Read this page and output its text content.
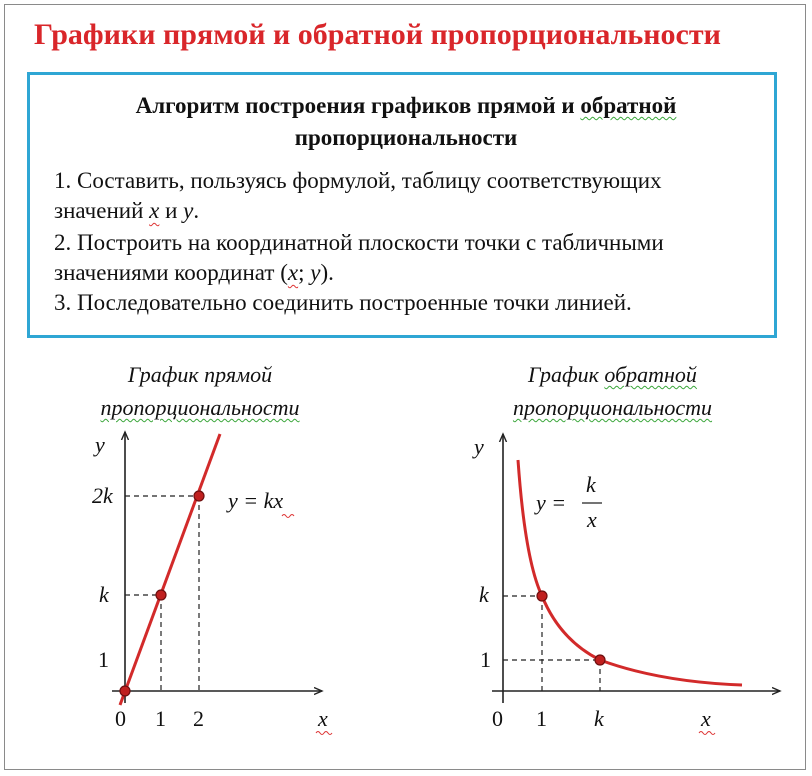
Графики прямой и обратной пропорциональности
Алгоритм построения графиков прямой и обратной
пропорциональности
1. Составить, пользуясь формулой, таблицу соответствующих
значений x и y.
2. Построить на координатной плоскости точки с табличными
значениями координат (x; y).
3. Последовательно соединить построенные точки линией.
График прямой
пропорциональности
График обратной
пропорциональности
y
2k
k
1
0 1 2	x
y = kx
y
k
1
0 1 k	x
y =
k
x
